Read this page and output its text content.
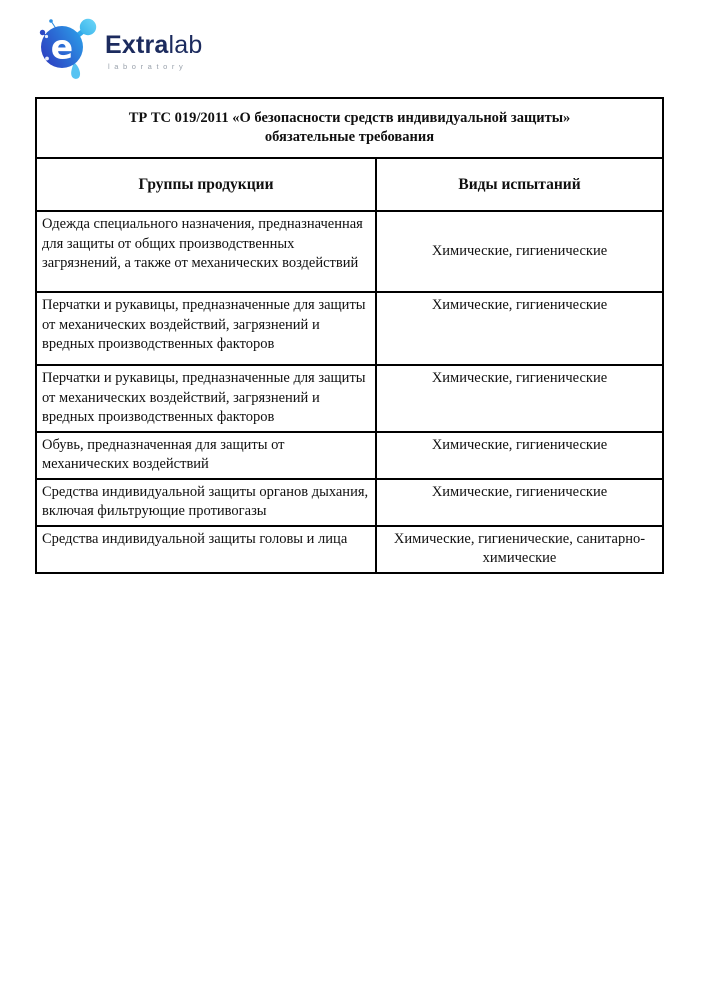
e Extralab
laboratory
ТР ТС 019/2011 «О безопасности средств индивидуальной защиты»
обязательные требования	

Группы продукции	Виды испытаний
Одежда специального назначения, предназначенная для защиты от общих производственных загрязнений, а также от механических воздействий	Химические, гигиенические
Перчатки и рукавицы, предназначенные для защиты от механических воздействий, загрязнений и вредных производственных факторов	Химические, гигиенические
Перчатки и рукавицы, предназначенные для защиты от механических воздействий, загрязнений и вредных производственных факторов	Химические, гигиенические
Обувь, предназначенная для защиты от механических воздействий	Химические, гигиенические
Средства индивидуальной защиты органов дыхания, включая фильтрующие противогазы	Химические, гигиенические
Средства индивидуальной защиты головы и лица	Химические, гигиенические, санитарно-химические
